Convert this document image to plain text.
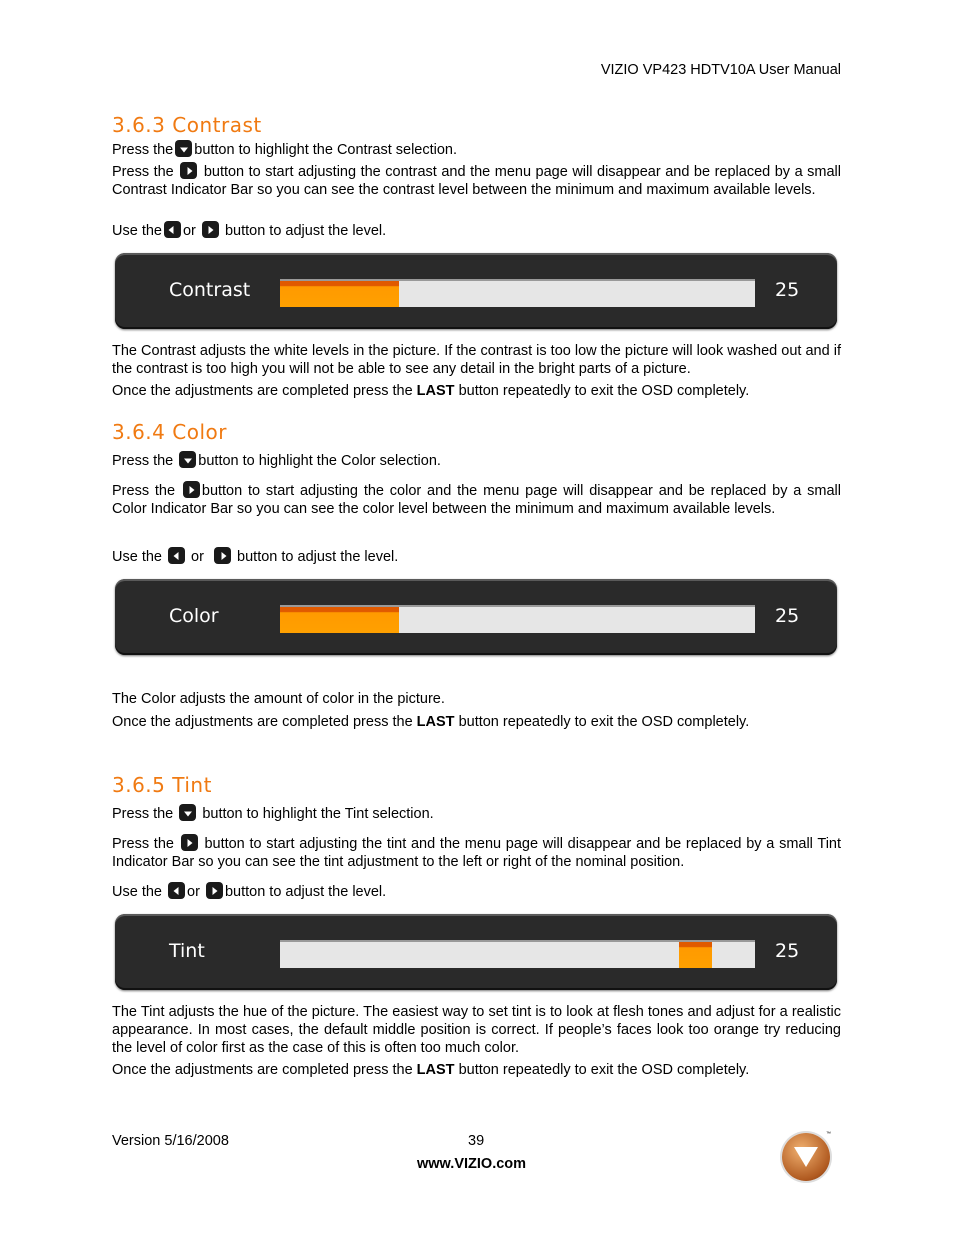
VIZIO VP423 HDTV10A User Manual
3.6.3 Contrast
Press the button to highlight the Contrast selection.
Press the button to start adjusting the contrast and the menu page will disappear and be replaced by a small Contrast Indicator Bar so you can see the contrast level between the minimum and maximum available levels.
Use the or button to adjust the level.
Contrast	25
The Contrast adjusts the white levels in the picture. If the contrast is too low the picture will look washed out and if the contrast is too high you will not be able to see any detail in the bright parts of a picture.
Once the adjustments are completed press the LAST button repeatedly to exit the OSD completely.
3.6.4 Color
Press the button to highlight the Color selection.
Press the button to start adjusting the color and the menu page will disappear and be replaced by a small Color Indicator Bar so you can see the color level between the minimum and maximum available levels.
Use the or button to adjust the level.
Color	25
The Color adjusts the amount of color in the picture.
Once the adjustments are completed press the LAST button repeatedly to exit the OSD completely.
3.6.5 Tint
Press the button to highlight the Tint selection.
Press the button to start adjusting the tint and the menu page will disappear and be replaced by a small Tint Indicator Bar so you can see the tint adjustment to the left or right of the nominal position.
Use the or button to adjust the level.
Tint	25
The Tint adjusts the hue of the picture. The easiest way to set tint is to look at flesh tones and adjust for a realistic appearance. In most cases, the default middle position is correct. If people’s faces look too orange try reducing the level of color first as the case of this is often too much color.
Once the adjustments are completed press the LAST button repeatedly to exit the OSD completely.
Version 5/16/2008	39
www.VIZIO.com
™
